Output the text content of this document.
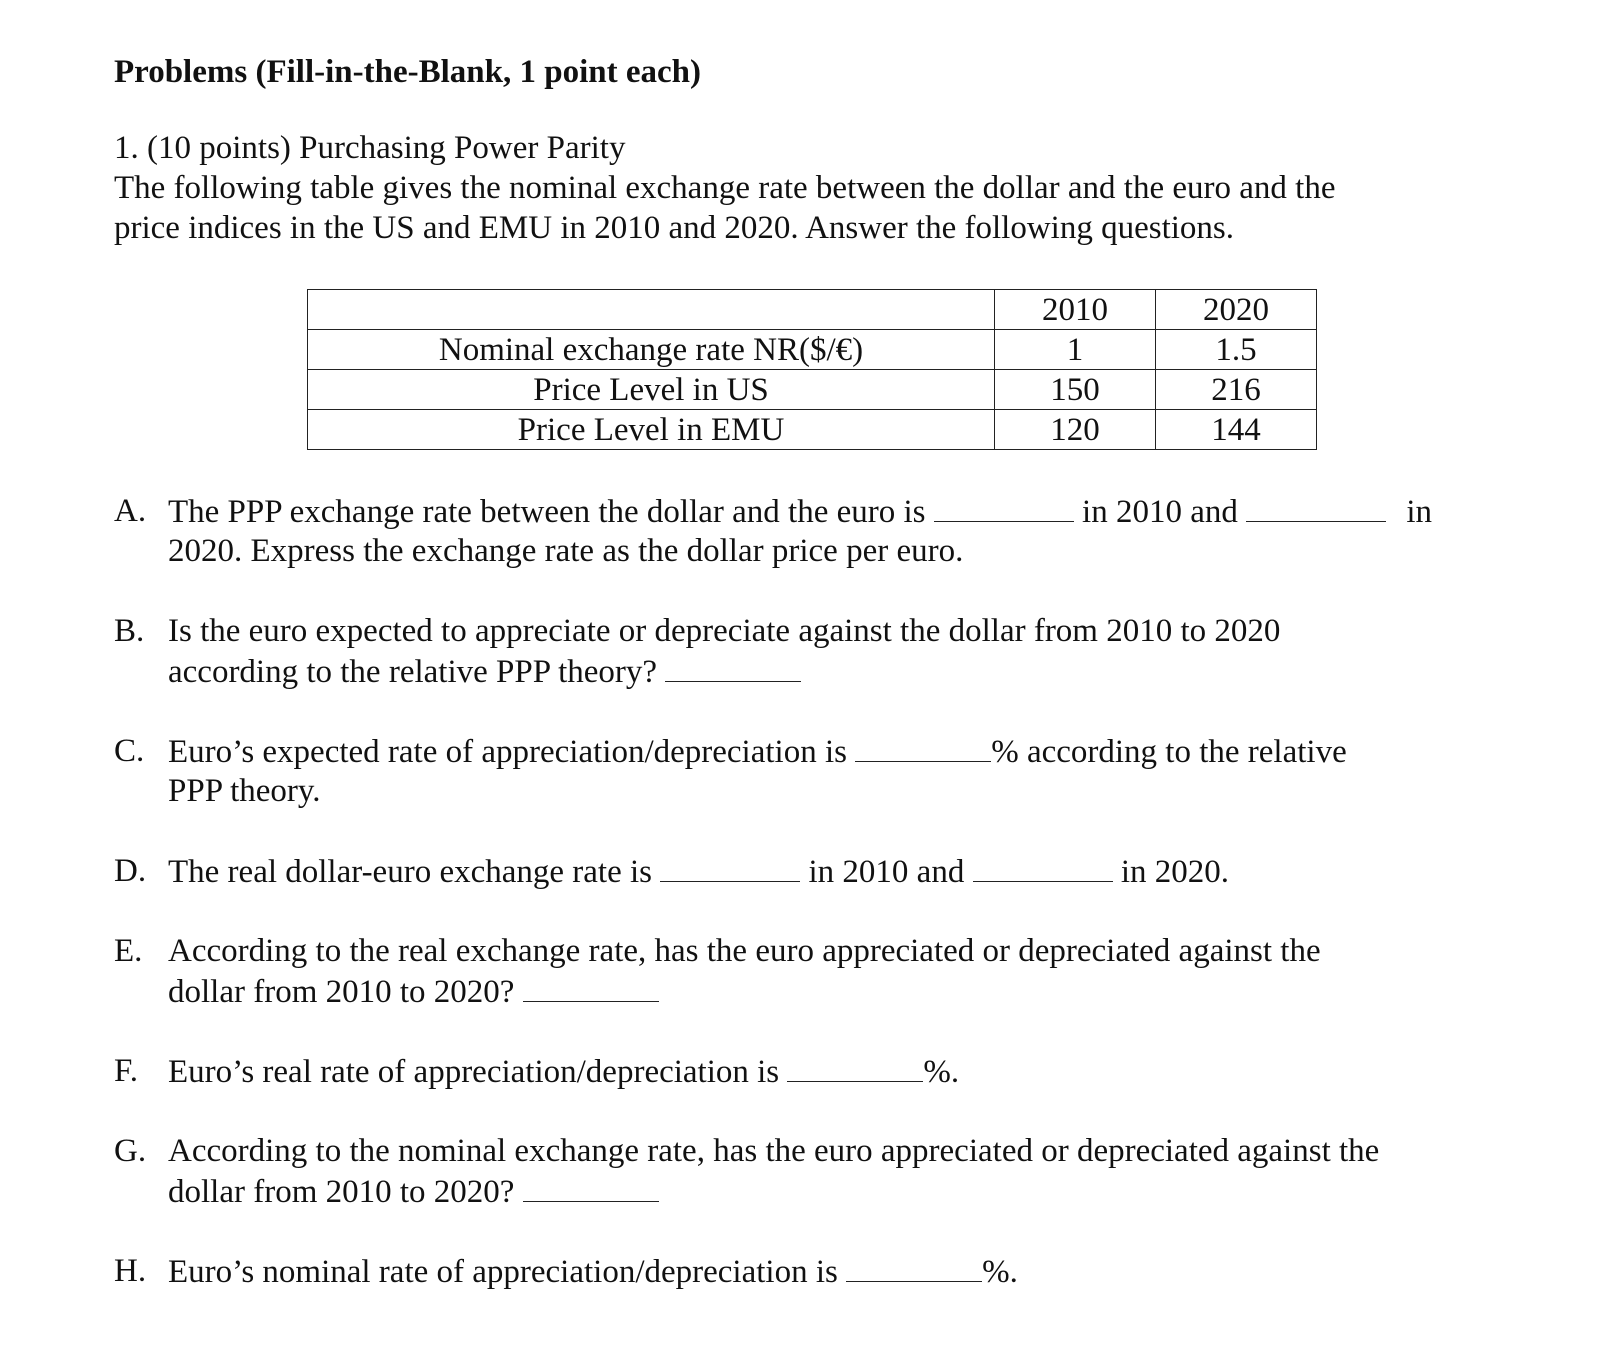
Problems (Fill-in-the-Blank, 1 point each)
1. (10 points) Purchasing Power Parity
The following table gives the nominal exchange rate between the dollar and the euro and the
price indices in the US and EMU in 2010 and 2020. Answer the following questions.
	2010	2020
Nominal exchange rate NR($/€)	1	1.5
Price Level in US	150	216
Price Level in EMU	120	144
A. The PPP exchange rate between the dollar and the euro is	in 2010 and	in
2020. Express the exchange rate as the dollar price per euro.
B. Is the euro expected to appreciate or depreciate against the dollar from 2010 to 2020
according to the relative PPP theory?
C. Euro’s expected rate of appreciation/depreciation is	% according to the relative
PPP theory.
D. The real dollar-euro exchange rate is	in 2010 and	in 2020.
E. According to the real exchange rate, has the euro appreciated or depreciated against the
dollar from 2010 to 2020?
F. Euro’s real rate of appreciation/depreciation is	%.
G. According to the nominal exchange rate, has the euro appreciated or depreciated against the
dollar from 2010 to 2020?
H. Euro’s nominal rate of appreciation/depreciation is	%.
